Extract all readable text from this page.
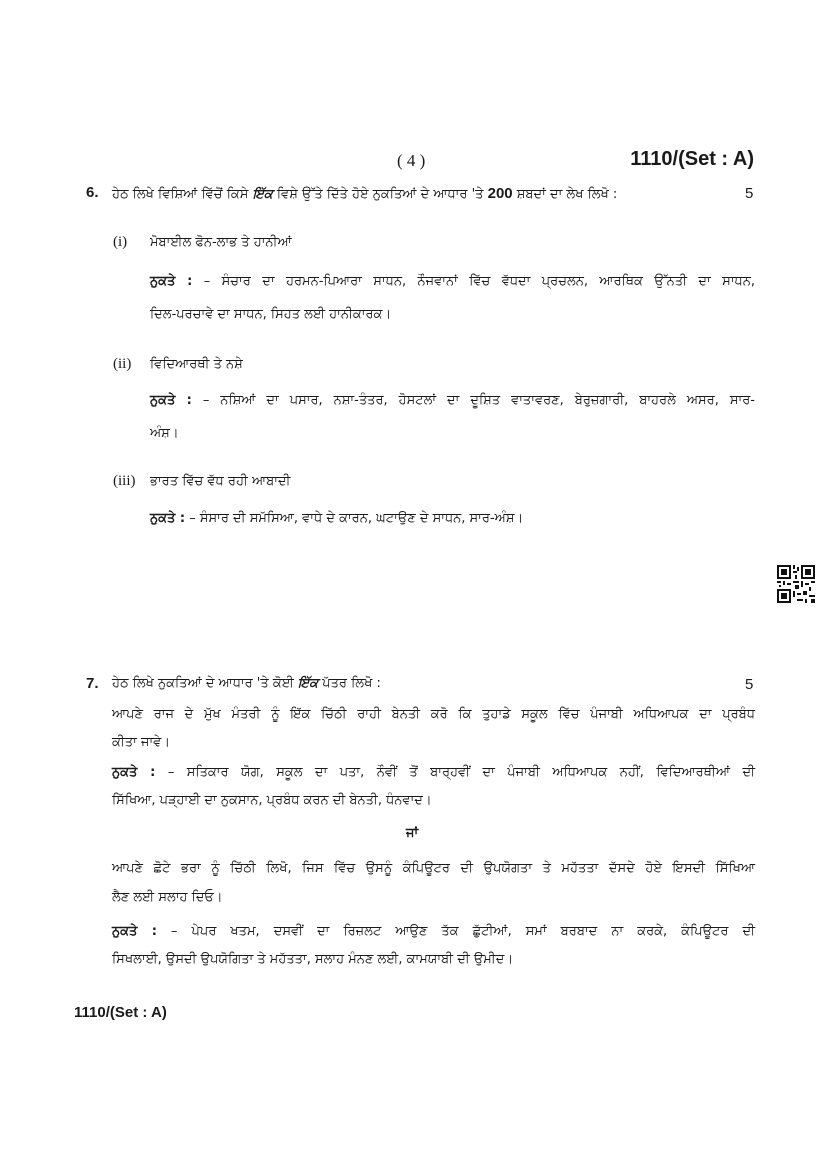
( 4 )	1110/(Set : A)
6. ਹੇਠ ਲਿਖੇ ਵਿਸ਼ਿਆਂ ਵਿੱਚੋਂ ਕਿਸੇ ਇੱਕ ਵਿਸ਼ੇ ਉੱਤੇ ਦਿੱਤੇ ਹੋਏ ਨੁਕਤਿਆਂ ਦੇ ਆਧਾਰ 'ਤੇ 200 ਸ਼ਬਦਾਂ ਦਾ ਲੇਖ ਲਿਖੋ :	5
(i) ਮੋਬਾਈਲ ਫੋਨ-ਲਾਭ ਤੇ ਹਾਨੀਆਂ
ਨੁਕਤੇ : – ਸੰਚਾਰ ਦਾ ਹਰਮਨ-ਪਿਆਰਾ ਸਾਧਨ, ਨੌਜਵਾਨਾਂ ਵਿੱਚ ਵੱਧਦਾ ਪ੍ਰਚਲਨ, ਆਰਥਿਕ ਉੱਨਤੀ ਦਾ ਸਾਧਨ,
ਦਿਲ-ਪਰਚਾਵੇ ਦਾ ਸਾਧਨ, ਸਿਹਤ ਲਈ ਹਾਨੀਕਾਰਕ।
(ii) ਵਿਦਿਆਰਥੀ ਤੇ ਨਸ਼ੇ
ਨੁਕਤੇ : – ਨਸ਼ਿਆਂ ਦਾ ਪਸਾਰ, ਨਸ਼ਾ-ਤੰਤਰ, ਹੋਸਟਲਾਂ ਦਾ ਦੂਸ਼ਿਤ ਵਾਤਾਵਰਣ, ਬੇਰੁਜ਼ਗਾਰੀ, ਬਾਹਰਲੇ ਅਸਰ, ਸਾਰ-
ਅੰਸ਼।
(iii) ਭਾਰਤ ਵਿੱਚ ਵੱਧ ਰਹੀ ਆਬਾਦੀ
ਨੁਕਤੇ : – ਸੰਸਾਰ ਦੀ ਸਮੱਸਿਆ, ਵਾਧੇ ਦੇ ਕਾਰਨ, ਘਟਾਉਣ ਦੇ ਸਾਧਨ, ਸਾਰ-ਅੰਸ਼।
7. ਹੇਠ ਲਿਖੇ ਨੁਕਤਿਆਂ ਦੇ ਆਧਾਰ 'ਤੇ ਕੋਈ ਇੱਕ ਪੱਤਰ ਲਿਖੋ :	5
ਆਪਣੇ ਰਾਜ ਦੇ ਮੁੱਖ ਮੰਤਰੀ ਨੂੰ ਇੱਕ ਚਿੱਠੀ ਰਾਹੀ ਬੇਨਤੀ ਕਰੋ ਕਿ ਤੁਹਾਡੇ ਸਕੂਲ ਵਿੱਚ ਪੰਜਾਬੀ ਅਧਿਆਪਕ ਦਾ ਪ੍ਰਬੰਧ
ਕੀਤਾ ਜਾਵੇ।
ਨੁਕਤੇ : – ਸਤਿਕਾਰ ਯੋਗ, ਸਕੂਲ ਦਾ ਪਤਾ, ਨੌਵੀਂ ਤੋਂ ਬਾਰ੍ਹਵੀਂ ਦਾ ਪੰਜਾਬੀ ਅਧਿਆਪਕ ਨਹੀਂ, ਵਿਦਿਆਰਥੀਆਂ ਦੀ
ਸਿੱਖਿਆ, ਪੜ੍ਹਾਈ ਦਾ ਨੁਕਸਾਨ, ਪ੍ਰਬੰਧ ਕਰਨ ਦੀ ਬੇਨਤੀ, ਧੰਨਵਾਦ।
ਜਾਂ
ਆਪਣੇ ਛੋਟੇ ਭਰਾ ਨੂੰ ਚਿੱਠੀ ਲਿਖੋ, ਜਿਸ ਵਿੱਚ ਉਸਨੂੰ ਕੰਪਿਊਟਰ ਦੀ ਉਪਯੋਗਤਾ ਤੇ ਮਹੱਤਤਾ ਦੱਸਦੇ ਹੋਏ ਇਸਦੀ ਸਿੱਖਿਆ
ਲੈਣ ਲਈ ਸਲਾਹ ਦਿਓ।
ਨੁਕਤੇ : – ਪੇਪਰ ਖਤਮ, ਦਸਵੀਂ ਦਾ ਰਿਜ਼ਲਟ ਆਉਣ ਤੱਕ ਛੁੱਟੀਆਂ, ਸਮਾਂ ਬਰਬਾਦ ਨਾ ਕਰਕੇ, ਕੰਪਿਊਟਰ ਦੀ
ਸਿਖਲਾਈ, ਉਸਦੀ ਉਪਯੋਗਿਤਾ ਤੇ ਮਹੱਤਤਾ, ਸਲਾਹ ਮੰਨਣ ਲਈ, ਕਾਮਯਾਬੀ ਦੀ ਉਮੀਦ।
1110/(Set : A)
